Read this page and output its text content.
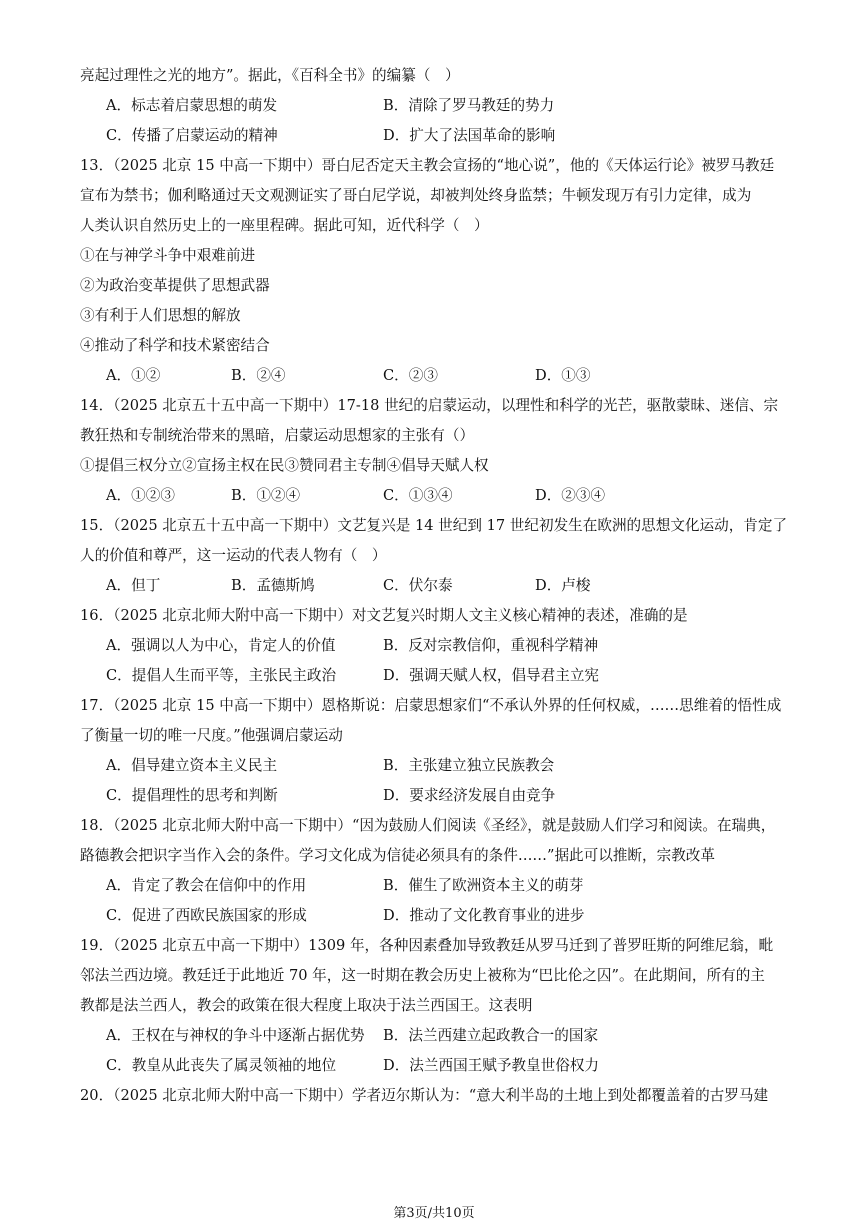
亮起过理性之光的地方”。据此，《百科全书》的编纂（　）
A．标志着启蒙思想的萌发	B．清除了罗马教廷的势力
C．传播了启蒙运动的精神	D．扩大了法国革命的影响
13．（2025 北京 15 中高一下期中）哥白尼否定天主教会宣扬的“地心说”，他的《天体运行论》被罗马教廷
宣布为禁书；伽利略通过天文观测证实了哥白尼学说，却被判处终身监禁；牛顿发现万有引力定律，成为
人类认识自然历史上的一座里程碑。据此可知，近代科学（　）
①在与神学斗争中艰难前进
②为政治变革提供了思想武器
③有利于人们思想的解放
④推动了科学和技术紧密结合
A．①②	B．②④	C．②③	D．①③
14．（2025 北京五十五中高一下期中）17-18 世纪的启蒙运动，以理性和科学的光芒，驱散蒙昧、迷信、宗
教狂热和专制统治带来的黑暗，启蒙运动思想家的主张有（）
①提倡三权分立②宣扬主权在民③赞同君主专制④倡导天赋人权
A．①②③	B．①②④	C．①③④	D．②③④
15．（2025 北京五十五中高一下期中）文艺复兴是 14 世纪到 17 世纪初发生在欧洲的思想文化运动，肯定了
人的价值和尊严，这一运动的代表人物有（　）
A．但丁	B．孟德斯鸠	C．伏尔泰	D．卢梭
16．（2025 北京北师大附中高一下期中）对文艺复兴时期人文主义核心精神的表述，准确的是
A．强调以人为中心，肯定人的价值	B．反对宗教信仰，重视科学精神
C．提倡人生而平等，主张民主政治	D．强调天赋人权，倡导君主立宪
17．（2025 北京 15 中高一下期中）恩格斯说：启蒙思想家们“不承认外界的任何权威，……思维着的悟性成
了衡量一切的唯一尺度。”他强调启蒙运动
A．倡导建立资本主义民主	B．主张建立独立民族教会
C．提倡理性的思考和判断	D．要求经济发展自由竞争
18．（2025 北京北师大附中高一下期中）“因为鼓励人们阅读《圣经》，就是鼓励人们学习和阅读。在瑞典，
路德教会把识字当作入会的条件。学习文化成为信徒必须具有的条件……”据此可以推断，宗教改革
A．肯定了教会在信仰中的作用	B．催生了欧洲资本主义的萌芽
C．促进了西欧民族国家的形成	D．推动了文化教育事业的进步
19．（2025 北京五中高一下期中）1309 年，各种因素叠加导致教廷从罗马迁到了普罗旺斯的阿维尼翁，毗
邻法兰西边境。教廷迁于此地近 70 年，这一时期在教会历史上被称为“巴比伦之囚”。在此期间，所有的主
教都是法兰西人，教会的政策在很大程度上取决于法兰西国王。这表明
A．王权在与神权的争斗中逐渐占据优势 B．法兰西建立起政教合一的国家
C．教皇从此丧失了属灵领袖的地位	D．法兰西国王赋予教皇世俗权力
20．（2025 北京北师大附中高一下期中）学者迈尔斯认为：“意大利半岛的土地上到处都覆盖着的古罗马建
第3页/共10页
